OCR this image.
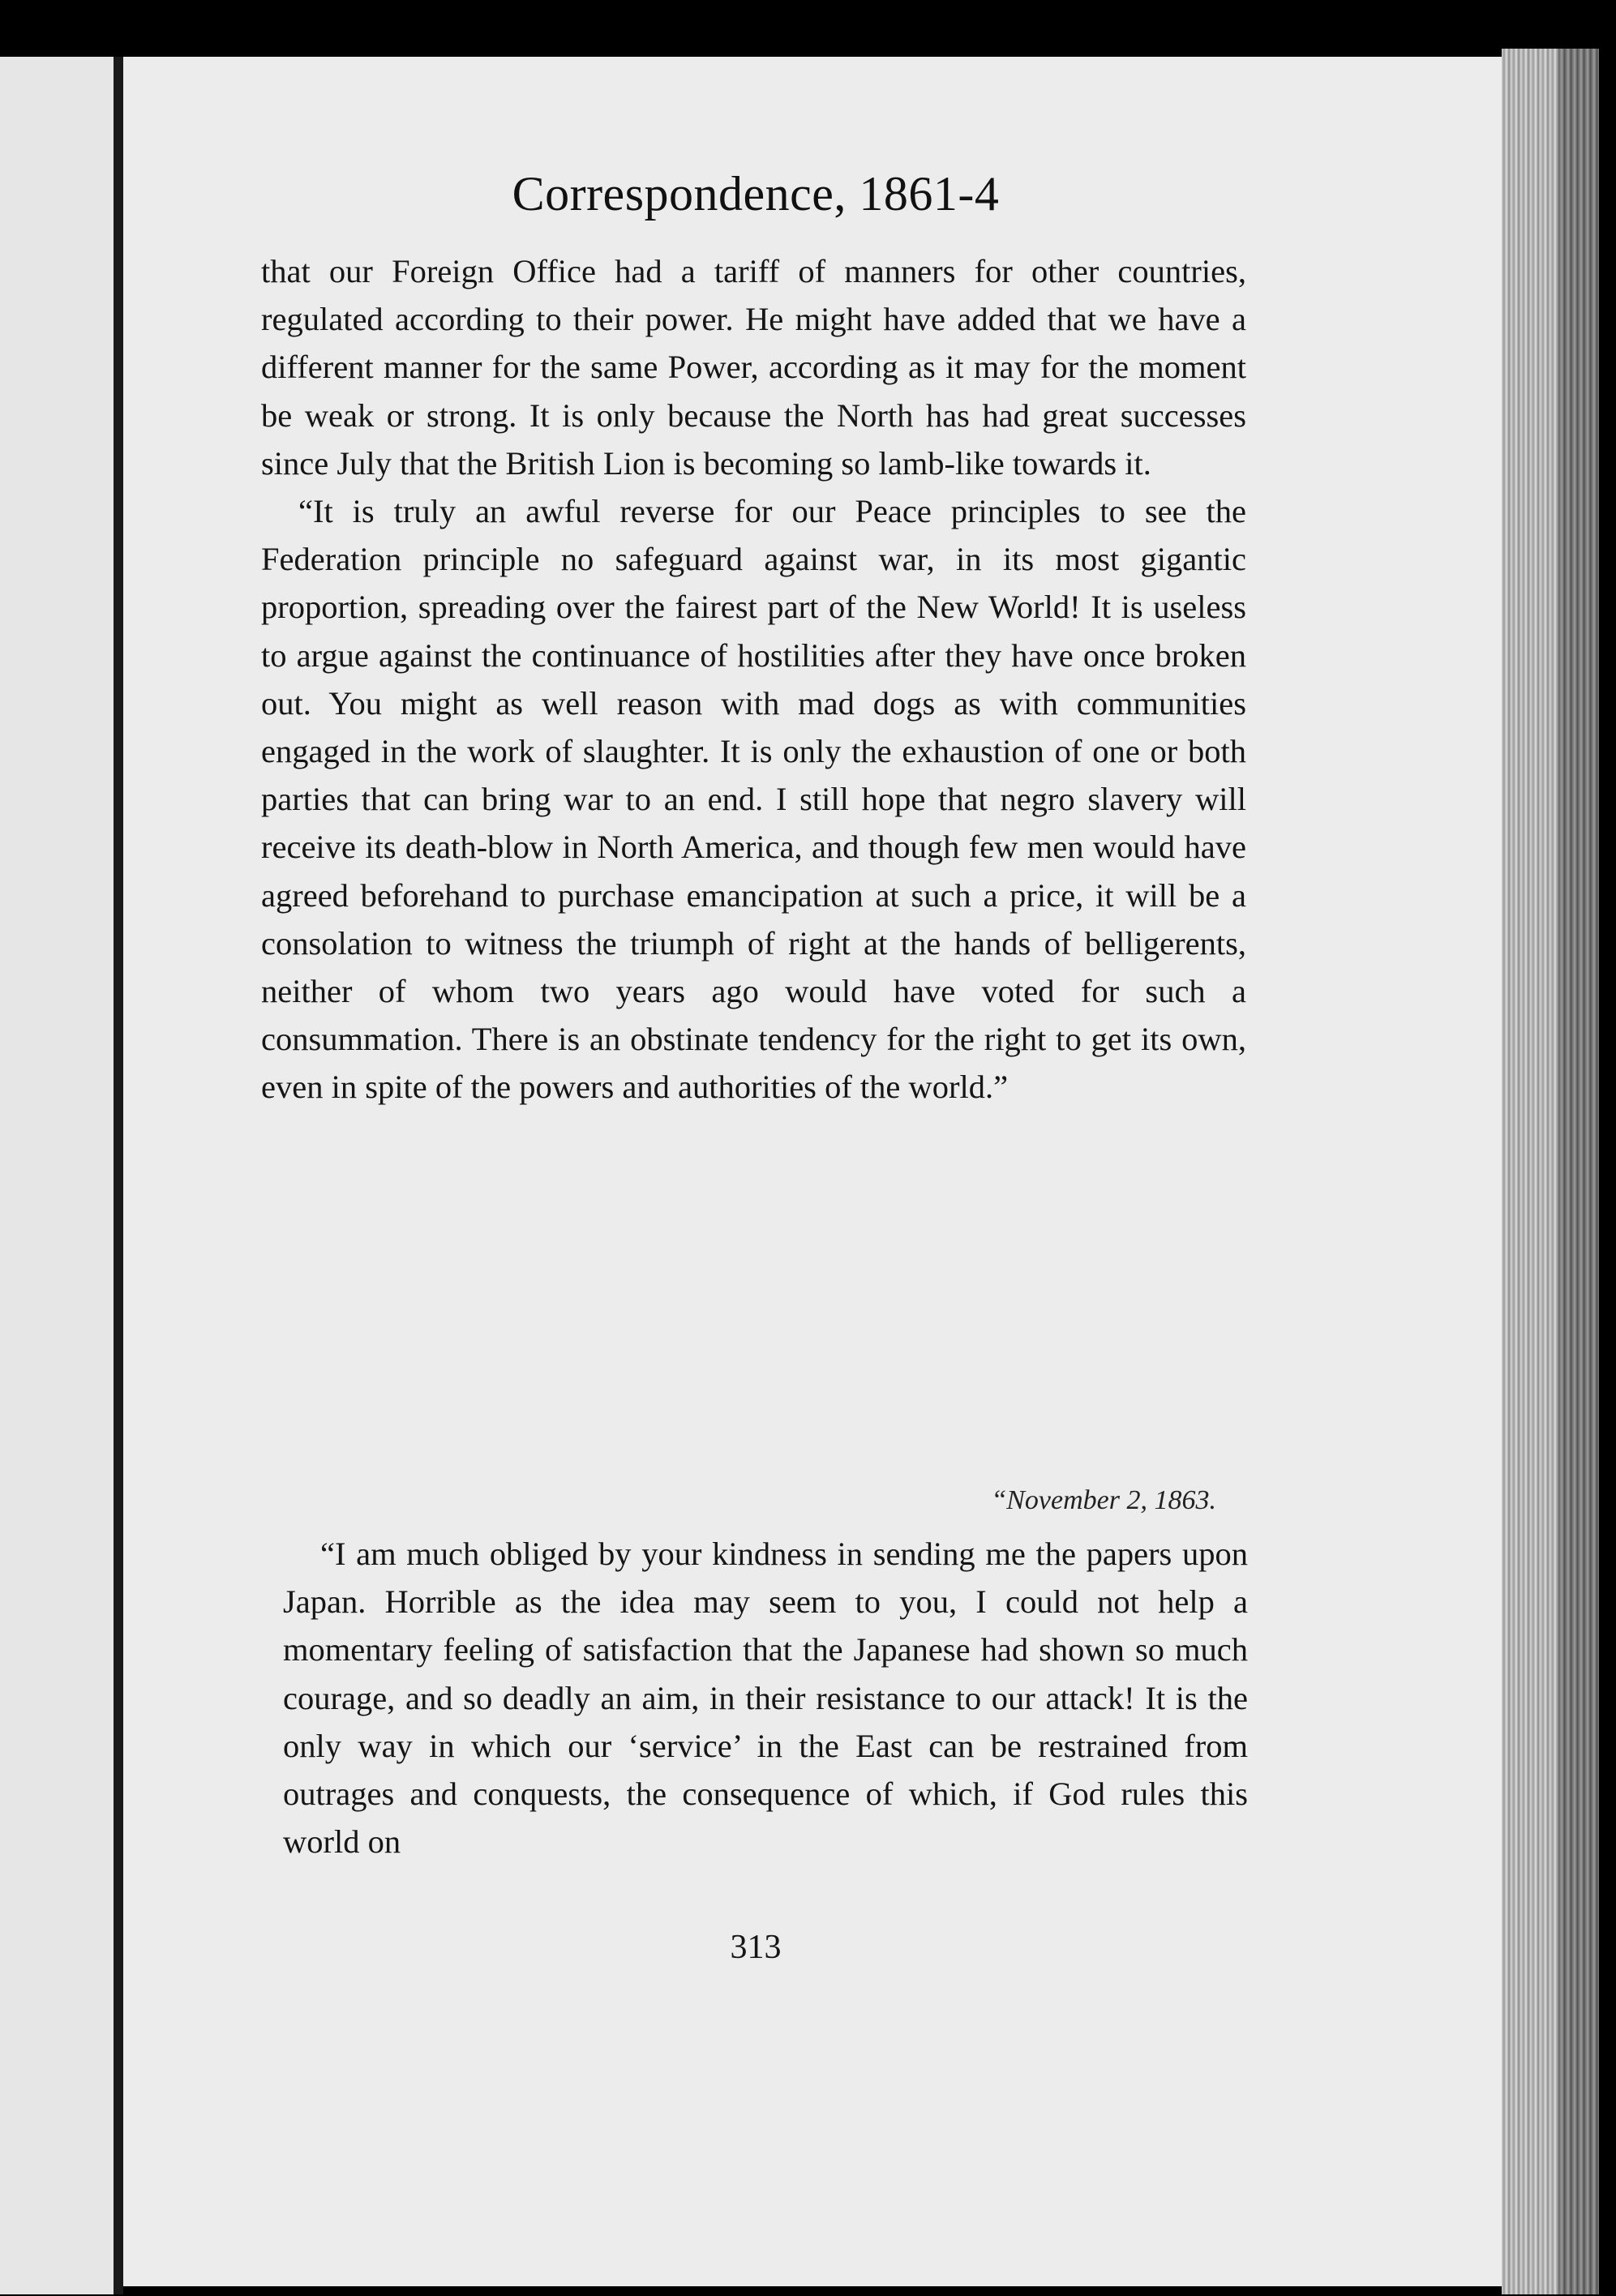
Correspondence, 1861-4

that our Foreign Office had a tariff of manners for other countries, regulated according to their power. He might have added that we have a different manner for the same Power, according as it may for the moment be weak or strong. It is only because the North has had great successes since July that the British Lion is becoming so lamb-like towards it.

“It is truly an awful reverse for our Peace principles to see the Federation principle no safeguard against war, in its most gigantic proportion, spreading over the fairest part of the New World! It is useless to argue against the continuance of hostilities after they have once broken out. You might as well reason with mad dogs as with communities engaged in the work of slaughter. It is only the exhaustion of one or both parties that can bring war to an end. I still hope that negro slavery will receive its death-blow in North America, and though few men would have agreed beforehand to purchase emancipation at such a price, it will be a consolation to witness the triumph of right at the hands of belligerents, neither of whom two years ago would have voted for such a consummation. There is an obstinate tendency for the right to get its own, even in spite of the powers and authorities of the world.”

“November 2, 1863.

“I am much obliged by your kindness in sending me the papers upon Japan. Horrible as the idea may seem to you, I could not help a momentary feeling of satisfaction that the Japanese had shown so much courage, and so deadly an aim, in their resistance to our attack! It is the only way in which our ‘service’ in the East can be restrained from outrages and conquests, the consequence of which, if God rules this world on

313
